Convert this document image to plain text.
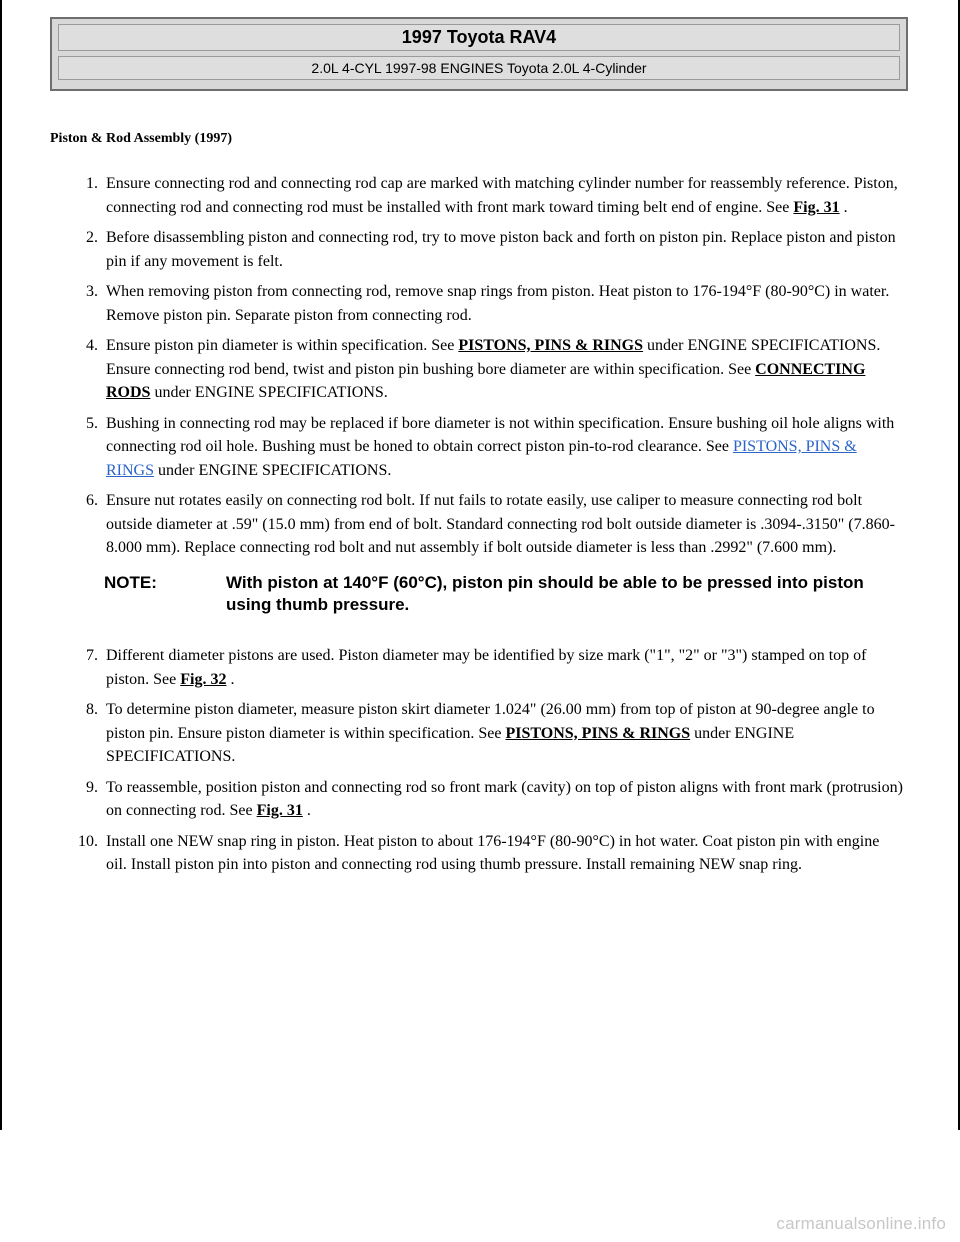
1997 Toyota RAV4
2.0L 4-CYL 1997-98 ENGINES Toyota 2.0L 4-Cylinder
Piston & Rod Assembly (1997)
1. Ensure connecting rod and connecting rod cap are marked with matching cylinder number for reassembly reference. Piston, connecting rod and connecting rod must be installed with front mark toward timing belt end of engine. See Fig. 31 .
2. Before disassembling piston and connecting rod, try to move piston back and forth on piston pin. Replace piston and piston pin if any movement is felt.
3. When removing piston from connecting rod, remove snap rings from piston. Heat piston to 176-194°F (80-90°C) in water. Remove piston pin. Separate piston from connecting rod.
4. Ensure piston pin diameter is within specification. See PISTONS, PINS & RINGS under ENGINE SPECIFICATIONS. Ensure connecting rod bend, twist and piston pin bushing bore diameter are within specification. See CONNECTING RODS under ENGINE SPECIFICATIONS.
5. Bushing in connecting rod may be replaced if bore diameter is not within specification. Ensure bushing oil hole aligns with connecting rod oil hole. Bushing must be honed to obtain correct piston pin-to-rod clearance. See PISTONS, PINS & RINGS under ENGINE SPECIFICATIONS.
6. Ensure nut rotates easily on connecting rod bolt. If nut fails to rotate easily, use caliper to measure connecting rod bolt outside diameter at .59" (15.0 mm) from end of bolt. Standard connecting rod bolt outside diameter is .3094-.3150" (7.860-8.000 mm). Replace connecting rod bolt and nut assembly if bolt outside diameter is less than .2992" (7.600 mm).
NOTE:	With piston at 140°F (60°C), piston pin should be able to be pressed into piston using thumb pressure.
7. Different diameter pistons are used. Piston diameter may be identified by size mark ("1", "2" or "3") stamped on top of piston. See Fig. 32 .
8. To determine piston diameter, measure piston skirt diameter 1.024" (26.00 mm) from top of piston at 90-degree angle to piston pin. Ensure piston diameter is within specification. See PISTONS, PINS & RINGS under ENGINE SPECIFICATIONS.
9. To reassemble, position piston and connecting rod so front mark (cavity) on top of piston aligns with front mark (protrusion) on connecting rod. See Fig. 31 .
10. Install one NEW snap ring in piston. Heat piston to about 176-194°F (80-90°C) in hot water. Coat piston pin with engine oil. Install piston pin into piston and connecting rod using thumb pressure. Install remaining NEW snap ring.
carmanualsonline.info
